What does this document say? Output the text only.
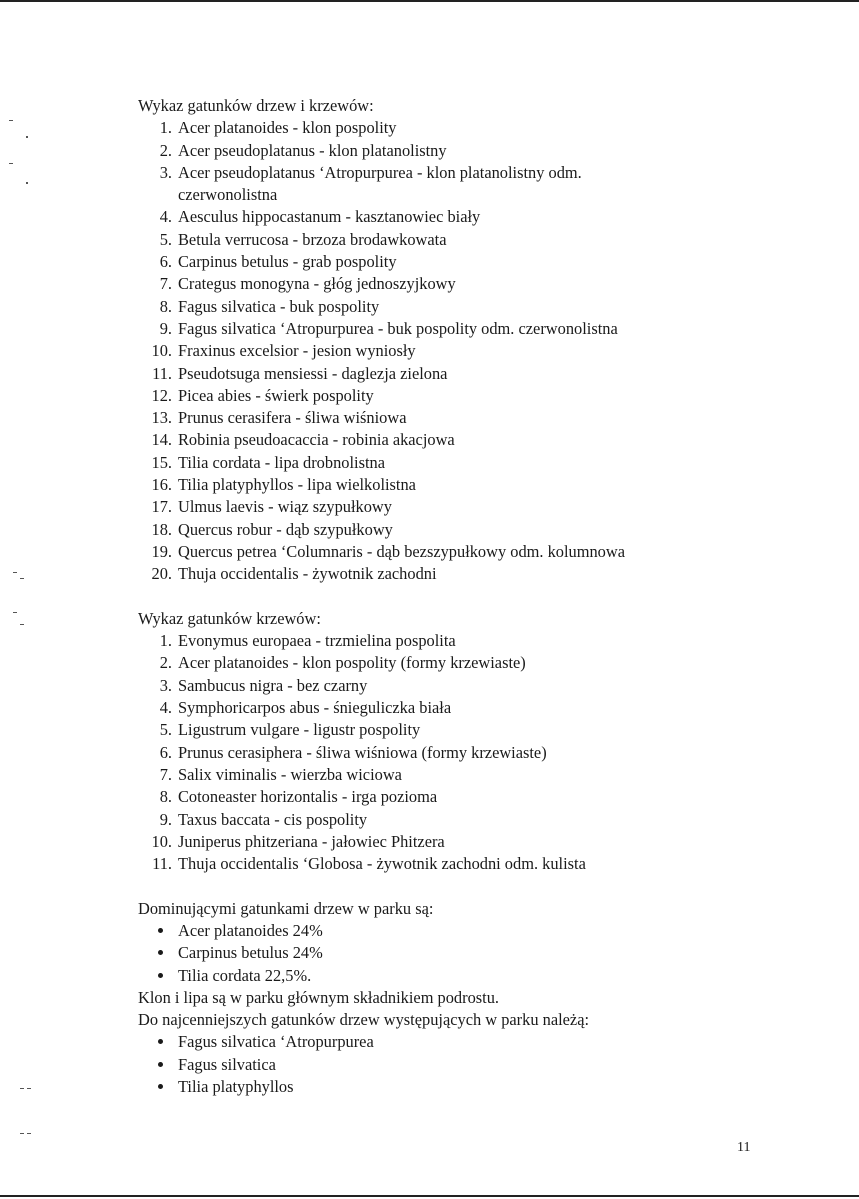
Wykaz gatunków drzew i krzewów:
1. Acer platanoides - klon pospolity
2. Acer pseudoplatanus - klon platanolistny
3. Acer pseudoplatanus ‘Atropurpurea - klon platanolistny odm.
czerwonolistna
4. Aesculus hippocastanum - kasztanowiec biały
5. Betula verrucosa - brzoza brodawkowata
6. Carpinus betulus - grab pospolity
7. Crategus monogyna - głóg jednoszyjkowy
8. Fagus silvatica - buk pospolity
9. Fagus silvatica ‘Atropurpurea - buk pospolity odm. czerwonolistna
10. Fraxinus excelsior - jesion wyniosły
11. Pseudotsuga mensiessi - daglezja zielona
12. Picea abies - świerk pospolity
13. Prunus cerasifera - śliwa wiśniowa
14. Robinia pseudoacaccia - robinia akacjowa
15. Tilia cordata - lipa drobnolistna
16. Tilia platyphyllos - lipa wielkolistna
17. Ulmus laevis - wiąz szypułkowy
18. Quercus robur - dąb szypułkowy
19. Quercus petrea ‘Columnaris - dąb bezszypułkowy odm. kolumnowa
20. Thuja occidentalis - żywotnik zachodni
Wykaz gatunków krzewów:
1. Evonymus europaea - trzmielina pospolita
2. Acer platanoides - klon pospolity (formy krzewiaste)
3. Sambucus nigra - bez czarny
4. Symphoricarpos abus - śnieguliczka biała
5. Ligustrum vulgare - ligustr pospolity
6. Prunus cerasiphera - śliwa wiśniowa (formy krzewiaste)
7. Salix viminalis - wierzba wiciowa
8. Cotoneaster horizontalis - irga pozioma
9. Taxus baccata - cis pospolity
10. Juniperus phitzeriana - jałowiec Phitzera
11. Thuja occidentalis ‘Globosa - żywotnik zachodni odm. kulista
Dominującymi gatunkami drzew w parku są:
Acer platanoides 24%
Carpinus betulus 24%
Tilia cordata 22,5%.
Klon i lipa są w parku głównym składnikiem podrostu.
Do najcenniejszych gatunków drzew występujących w parku należą:
Fagus silvatica ‘Atropurpurea
Fagus silvatica
Tilia platyphyllos
11
